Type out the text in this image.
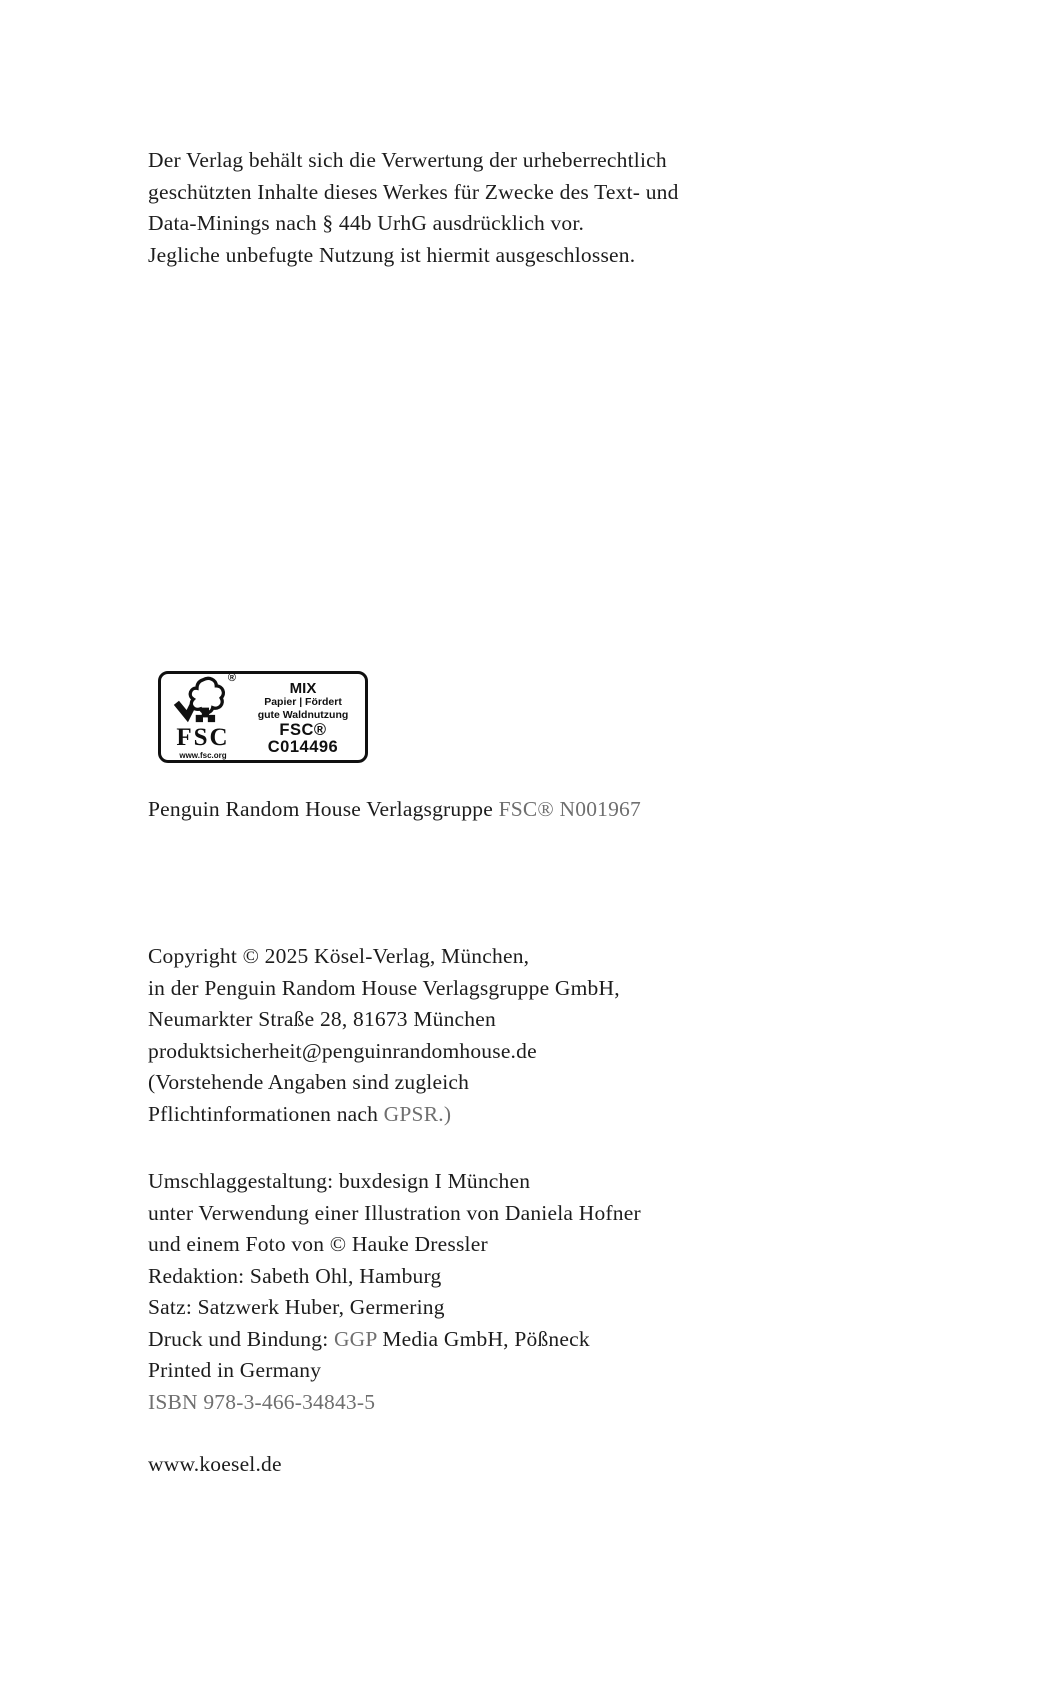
Der Verlag behält sich die Verwertung der urheberrechtlich
geschützten Inhalte dieses Werkes für Zwecke des Text- und
Data-Minings nach § 44b UrhG ausdrücklich vor.
Jegliche unbefugte Nutzung ist hiermit ausgeschlossen.
®
FSC
www.fsc.org
MIX
Papier | Fördert
gute Waldnutzung
FSC® C014496
Penguin Random House Verlagsgruppe FSC® N001967
Copyright © 2025 Kösel-Verlag, München,
in der Penguin Random House Verlagsgruppe GmbH,
Neumarkter Straße 28, 81673 München
produktsicherheit@penguinrandomhouse.de
(Vorstehende Angaben sind zugleich
Pflichtinformationen nach GPSR.)
Umschlaggestaltung: buxdesign I München
unter Verwendung einer Illustration von Daniela Hofner
und einem Foto von © Hauke Dressler
Redaktion: Sabeth Ohl, Hamburg
Satz: Satzwerk Huber, Germering
Druck und Bindung: GGP Media GmbH, Pößneck
Printed in Germany
ISBN 978-3-466-34843-5
www.koesel.de
